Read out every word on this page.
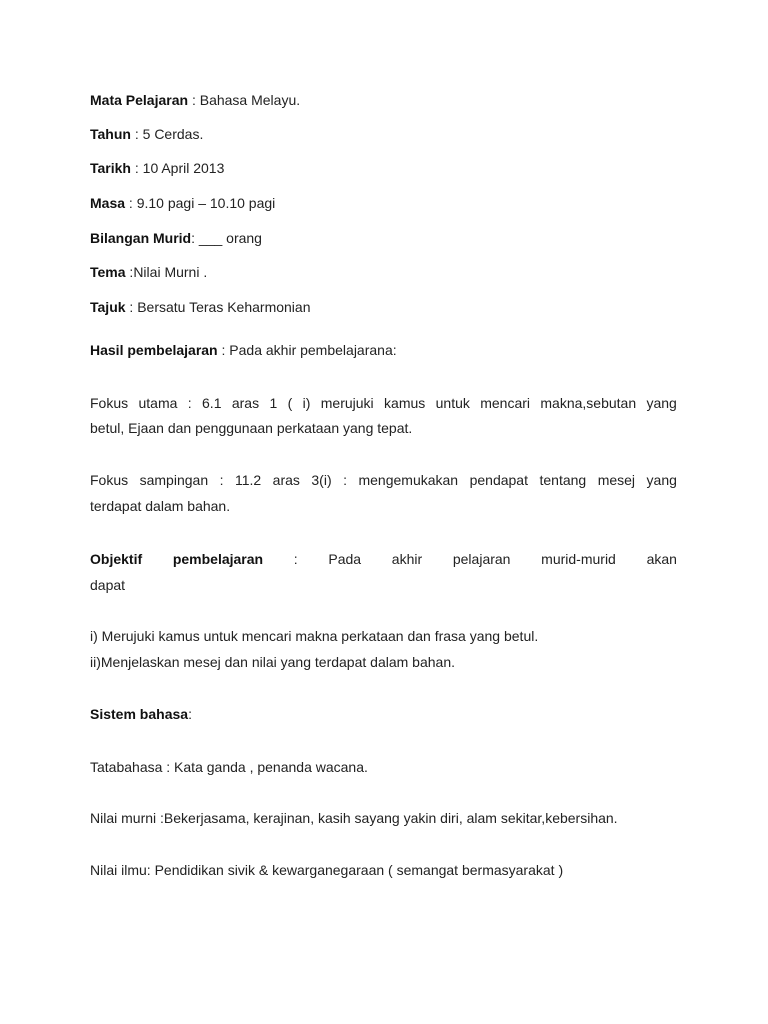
Mata Pelajaran : Bahasa Melayu.
Tahun : 5 Cerdas.
Tarikh : 10 April 2013
Masa : 9.10 pagi – 10.10 pagi
Bilangan Murid: ___ orang
Tema :Nilai Murni .
Tajuk : Bersatu Teras Keharmonian
Hasil pembelajaran : Pada akhir pembelajarana:
Fokus utama : 6.1 aras 1 ( i) merujuki kamus untuk mencari makna,sebutan yang
betul, Ejaan dan penggunaan perkataan yang tepat.
Fokus sampingan : 11.2 aras 3(i) : mengemukakan pendapat tentang mesej yang
terdapat dalam bahan.
Objektif pembelajaran : Pada akhir pelajaran murid-murid akan
dapat
i) Merujuki kamus untuk mencari makna perkataan dan frasa yang betul.
ii)Menjelaskan mesej dan nilai yang terdapat dalam bahan.
Sistem bahasa:
Tatabahasa : Kata ganda , penanda wacana.
Nilai murni :Bekerjasama, kerajinan, kasih sayang yakin diri, alam sekitar,kebersihan.
Nilai ilmu: Pendidikan sivik & kewarganegaraan ( semangat bermasyarakat )
